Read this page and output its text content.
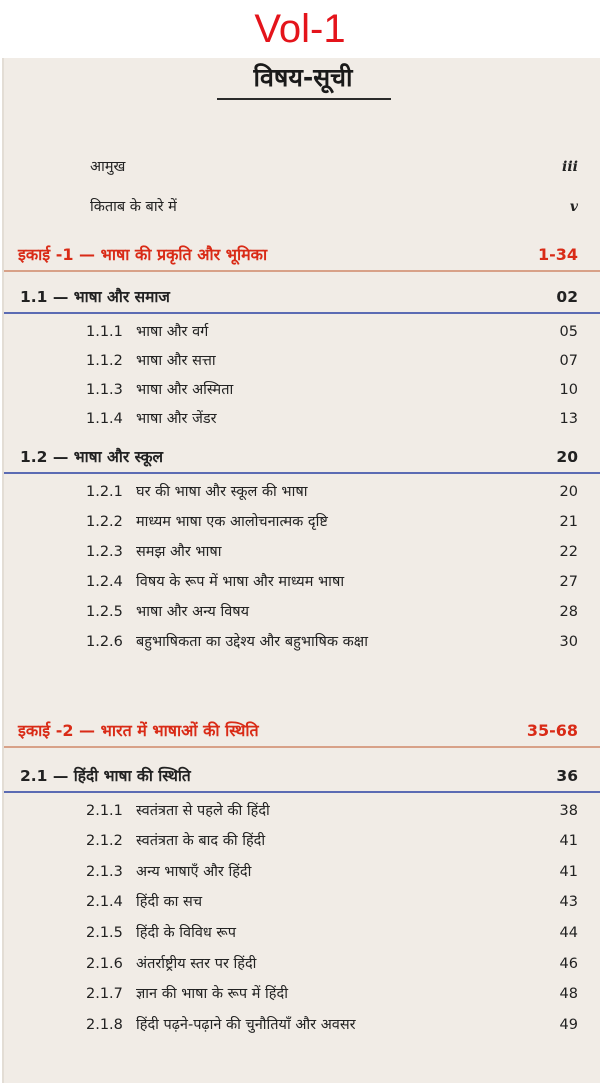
Vol-1
विषय-सूची
आमुख	iii
किताब के बारे में	v
इकाई -1 — भाषा की प्रकृति और भूमिका	1-34
1.1 — भाषा और समाज	02
1.1.1 भाषा और वर्ग	05
1.1.2 भाषा और सत्ता	07
1.1.3 भाषा और अस्मिता	10
1.1.4 भाषा और जेंडर	13
1.2 — भाषा और स्कूल	20
1.2.1 घर की भाषा और स्कूल की भाषा	20
1.2.2 माध्यम भाषा एक आलोचनात्मक दृष्टि	21
1.2.3 समझ और भाषा	22
1.2.4 विषय के रूप में भाषा और माध्यम भाषा	27
1.2.5 भाषा और अन्य विषय	28
1.2.6 बहुभाषिकता का उद्देश्य और बहुभाषिक कक्षा	30
इकाई -2 — भारत में भाषाओं की स्थिति	35-68
2.1 — हिंदी भाषा की स्थिति	36
2.1.1 स्वतंत्रता से पहले की हिंदी	38
2.1.2 स्वतंत्रता के बाद की हिंदी	41
2.1.3 अन्य भाषाएँ और हिंदी	41
2.1.4 हिंदी का सच	43
2.1.5 हिंदी के विविध रूप	44
2.1.6 अंतर्राष्ट्रीय स्तर पर हिंदी	46
2.1.7 ज्ञान की भाषा के रूप में हिंदी	48
2.1.8 हिंदी पढ़ने-पढ़ाने की चुनौतियाँ और अवसर	49
